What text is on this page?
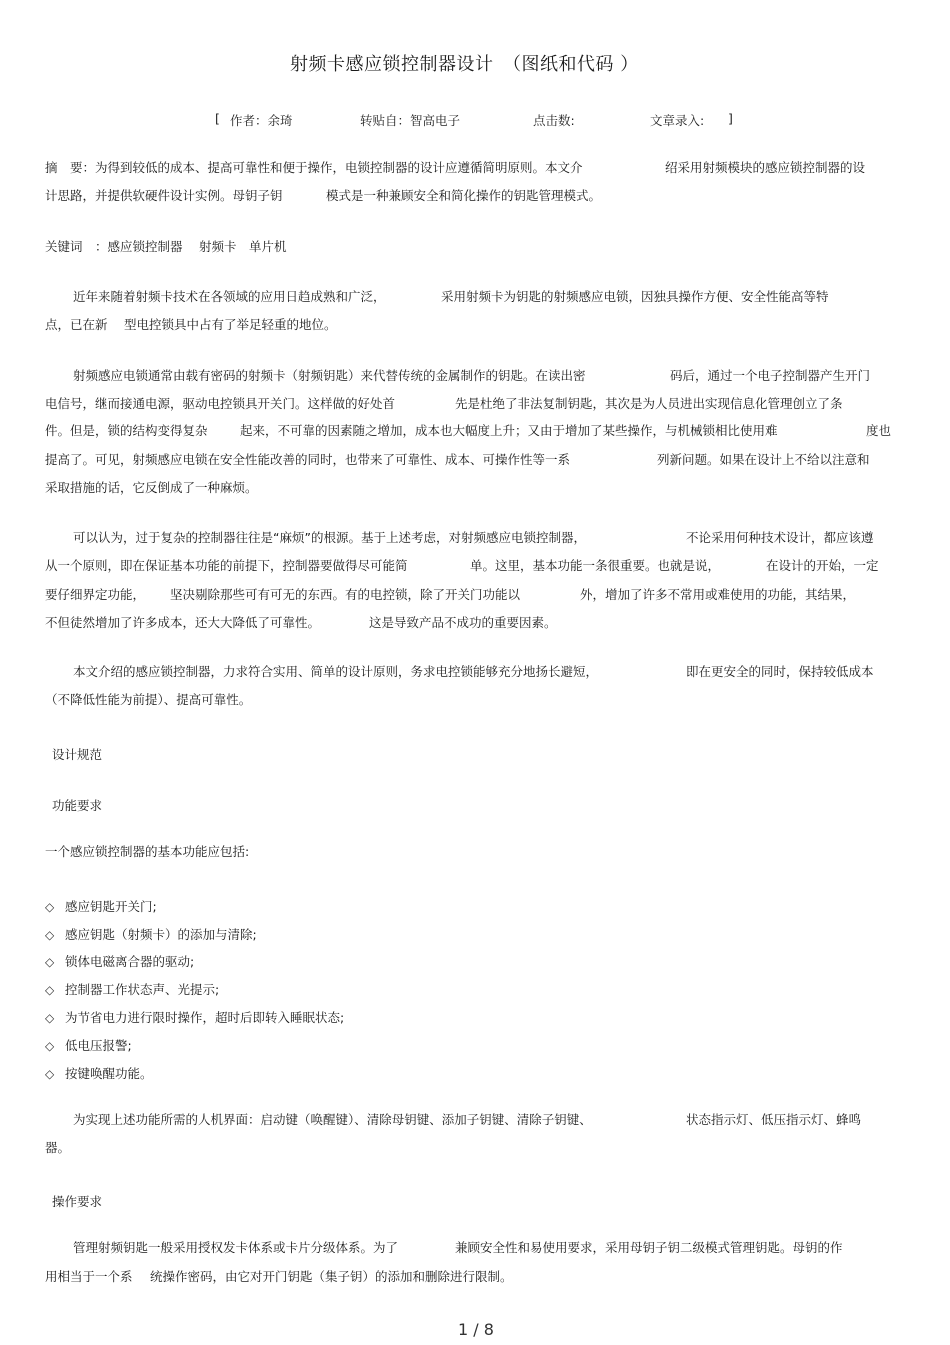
射频卡感应锁控制器设计　（图纸和代码 ）
[ 作者：余琦	转贴自：智高电子	点击数:	文章录入: ]
摘　要：为得到较低的成本、提高可靠性和便于操作，电锁控制器的设计应遵循简明原则。本文介	绍采用射频模块的感应锁控制器的设
计思路，并提供软硬件设计实例。母钥子钥	模式是一种兼顾安全和简化操作的钥匙管理模式。
关键词　：感应锁控制器　 射频卡　单片机
近年来随着射频卡技术在各领域的应用日趋成熟和广泛，	采用射频卡为钥匙的射频感应电锁，因独具操作方便、安全性能高等特
点，已在新 型电控锁具中占有了举足轻重的地位。
射频感应电锁通常由载有密码的射频卡（射频钥匙）来代替传统的金属制作的钥匙。在读出密	码后，通过一个电子控制器产生开门
电信号，继而接通电源，驱动电控锁具开关门。这样做的好处首	先是杜绝了非法复制钥匙，其次是为人员进出实现信息化管理创立了条
件。但是，锁的结构变得复杂	起来，不可靠的因素随之增加，成本也大幅度上升；又由于增加了某些操作，与机械锁相比使用难	度也
提高了。可见，射频感应电锁在安全性能改善的同时，也带来了可靠性、成本、可操作性等一系	列新问题。如果在设计上不给以注意和
采取措施的话，它反倒成了一种麻烦。
可以认为，过于复杂的控制器往往是“麻烦”的根源。基于上述考虑，对射频感应电锁控制器，	不论采用何种技术设计，都应该遵
从一个原则，即在保证基本功能的前提下，控制器要做得尽可能简	单。这里，基本功能一条很重要。也就是说，	在设计的开始，一定
要仔细界定功能， 坚决剔除那些可有可无的东西。有的电控锁，除了开关门功能以	外，增加了许多不常用或难使用的功能，其结果，
不但徒然增加了许多成本，还大大降低了可靠性。	这是导致产品不成功的重要因素。
本文介绍的感应锁控制器，力求符合实用、简单的设计原则，务求电控锁能够充分地扬长避短，	即在更安全的同时，保持较低成本
（不降低性能为前提）、提高可靠性。
设计规范
功能要求
一个感应锁控制器的基本功能应包括:
◇ 感应钥匙开关门;
◇ 感应钥匙（射频卡）的添加与清除;
◇ 锁体电磁离合器的驱动;
◇ 控制器工作状态声、光提示;
◇ 为节省电力进行限时操作，超时后即转入睡眠状态;
◇ 低电压报警;
◇ 按键唤醒功能。
为实现上述功能所需的人机界面：启动键（唤醒键）、清除母钥键、添加子钥键、清除子钥键、	状态指示灯、低压指示灯、蜂鸣
器。
操作要求
管理射频钥匙一般采用授权发卡体系或卡片分级体系。为了	兼顾安全性和易使用要求，采用母钥子钥二级模式管理钥匙。母钥的作
用相当于一个系 统操作密码，由它对开门钥匙（集子钥）的添加和删除进行限制。
1 / 8
